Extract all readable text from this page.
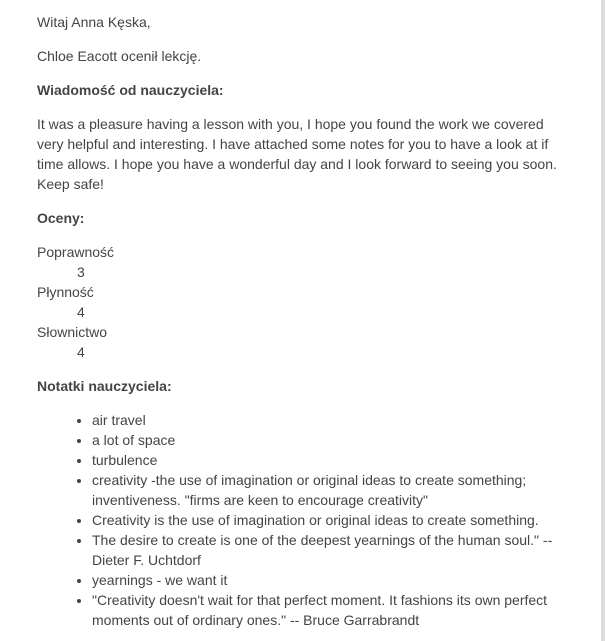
Witaj Anna Kęska,
Chloe Eacott ocenił lekcję.
Wiadomość od nauczyciela:

It was a pleasure having a lesson with you, I hope you found the work we covered very helpful and interesting. I have attached some notes for you to have a look at if time allows. I hope you have a wonderful day and I look forward to seeing you soon. Keep safe!

Oceny:
Poprawność
3
Płynność
4
Słownictwo
4
Notatki nauczyciela:
• air travel
• a lot of space
• turbulence
• creativity -the use of imagination or original ideas to create something; inventiveness. "firms are keen to encourage creativity"
• Creativity is the use of imagination or original ideas to create something.
• The desire to create is one of the deepest yearnings of the human soul." -- Dieter F. Uchtdorf
• yearnings - we want it
• "Creativity doesn't wait for that perfect moment. It fashions its own perfect moments out of ordinary ones." -- Bruce Garrabrandt
